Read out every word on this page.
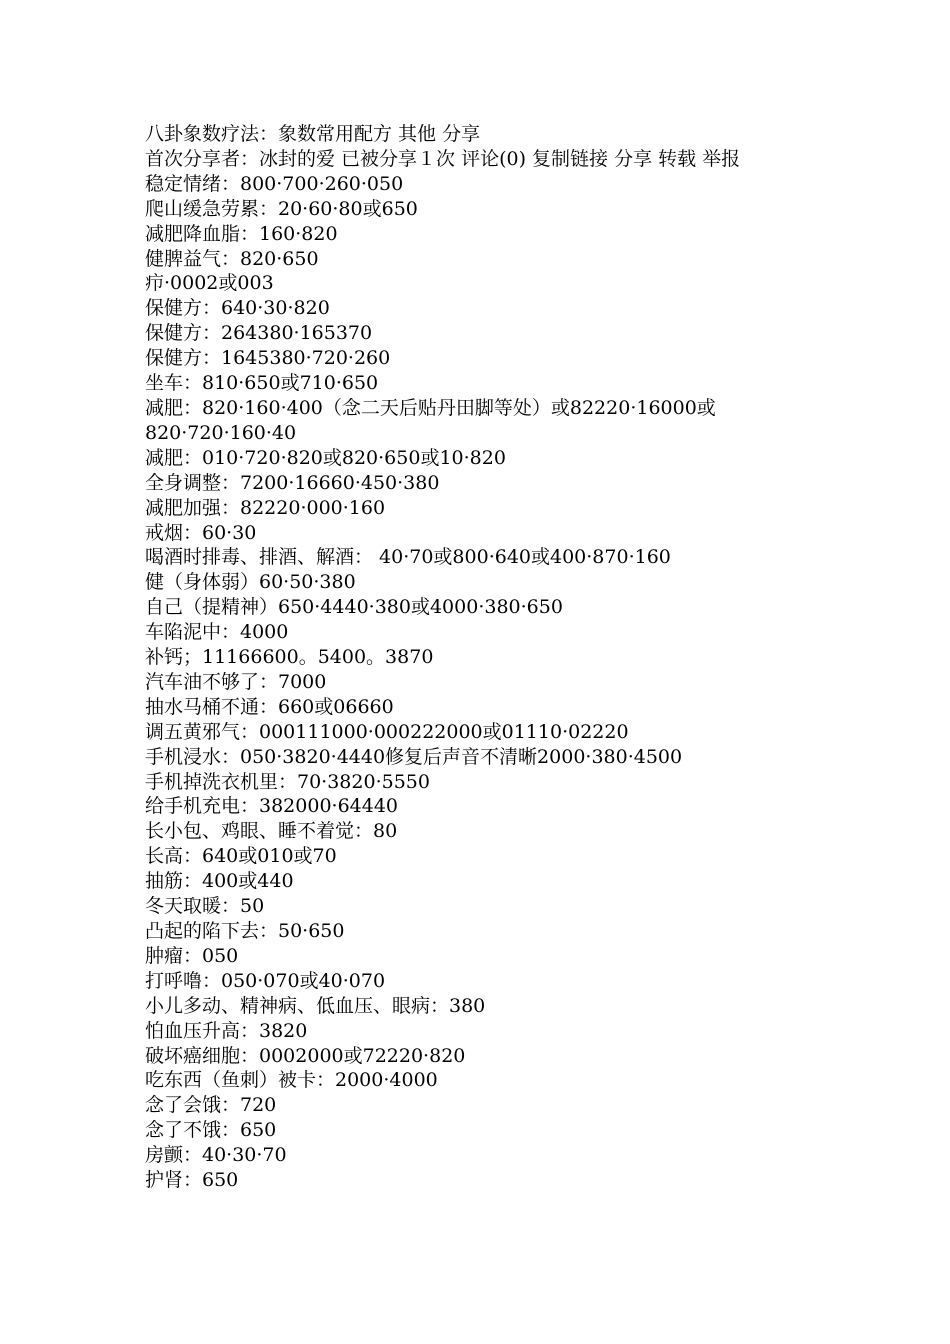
八卦象数疗法：象数常用配方 其他 分享
首次分享者：冰封的爱 已被分享１次 评论(0) 复制链接 分享 转载 举报
稳定情绪：800·700·260·050
爬山缓急劳累：20·60·80或650
减肥降血脂：160·820
健脾益气：820·650
疖·0002或003
保健方：640·30·820
保健方：264380·165370
保健方：1645380·720·260
坐车：810·650或710·650
减肥：820·160·400（念二天后贴丹田脚等处）或82220·16000或820·720·160·40
减肥：010·720·820或820·650或10·820
全身调整：7200·16660·450·380
减肥加强：82220·000·160
戒烟：60·30
喝酒时排毒、排酒、解酒： 40·70或800·640或400·870·160
健（身体弱）60·50·380
自己（提精神）650·4440·380或4000·380·650
车陷泥中：4000
补钙；11166600。5400。3870
汽车油不够了：7000
抽水马桶不通：660或06660
调五黄邪气：000111000·000222000或01110·02220
手机浸水：050·3820·4440修复后声音不清晰2000·380·4500
手机掉洗衣机里：70·3820·5550
给手机充电：382000·64440
长小包、鸡眼、睡不着觉：80
长高：640或010或70
抽筋：400或440
冬天取暖：50
凸起的陷下去：50·650
肿瘤：050
打呼噜：050·070或40·070
小儿多动、精神病、低血压、眼病：380
怕血压升高：3820
破坏癌细胞：0002000或72220·820
吃东西（鱼刺）被卡：2000·4000
念了会饿：720
念了不饿：650
房颤：40·30·70
护肾：650
